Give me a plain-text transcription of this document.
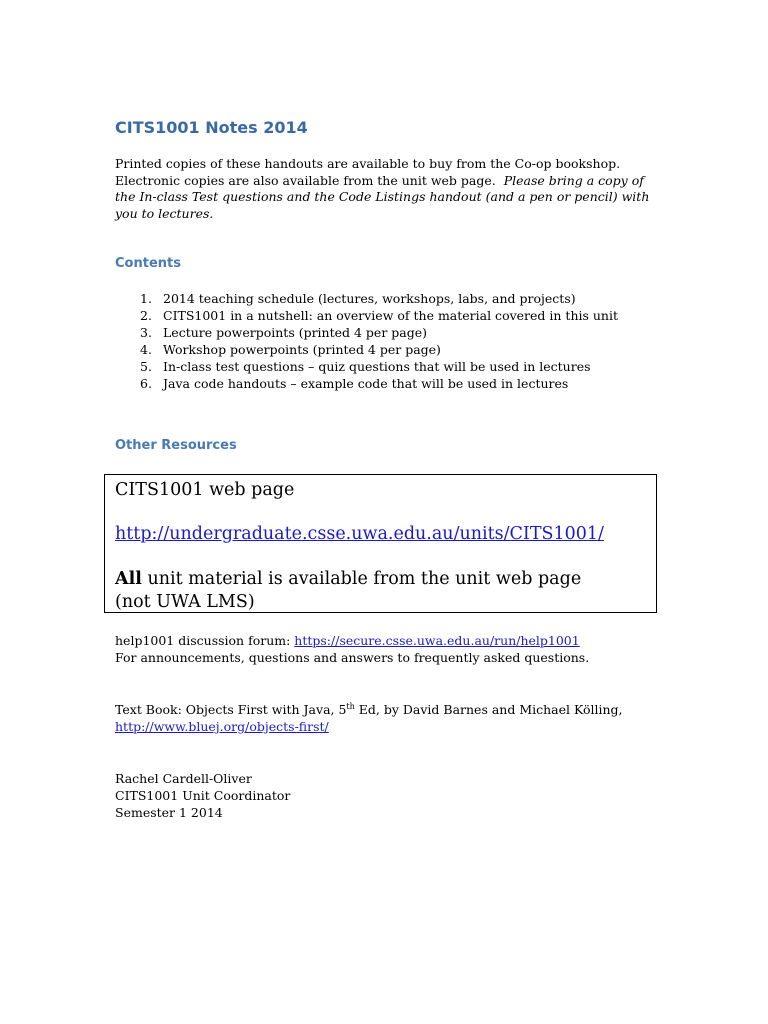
CITS1001 Notes 2014

Printed copies of these handouts are available to buy from the Co-op bookshop. Electronic copies are also available from the unit web page. Please bring a copy of the In-class Test questions and the Code Listings handout (and a pen or pencil) with you to lectures.

Contents
1. 2014 teaching schedule (lectures, workshops, labs, and projects)
2. CITS1001 in a nutshell: an overview of the material covered in this unit
3. Lecture powerpoints (printed 4 per page)
4. Workshop powerpoints (printed 4 per page)
5. In-class test questions – quiz questions that will be used in lectures
6. Java code handouts – example code that will be used in lectures
Other Resources

CITS1001 web page

http://undergraduate.csse.uwa.edu.au/units/CITS1001/

All unit material is available from the unit web page

(not UWA LMS)

help1001 discussion forum: https://secure.csse.uwa.edu.au/run/help1001
For announcements, questions and answers to frequently asked questions.
Text Book: Objects First with Java, 5th Ed, by David Barnes and Michael Kölling,
http://www.bluej.org/objects-first/
Rachel Cardell-Oliver
CITS1001 Unit Coordinator
Semester 1 2014
